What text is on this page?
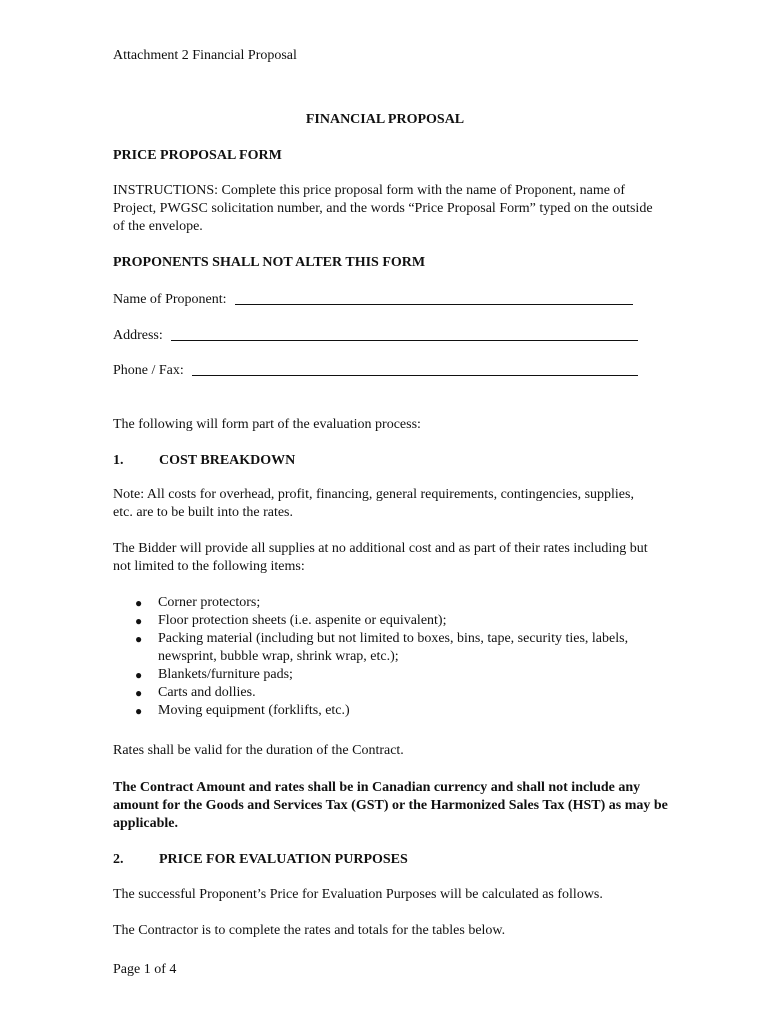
Attachment 2 Financial Proposal
FINANCIAL PROPOSAL
PRICE PROPOSAL FORM
INSTRUCTIONS: Complete this price proposal form with the name of Proponent, name of Project, PWGSC solicitation number, and the words “Price Proposal Form” typed on the outside of the envelope.
PROPONENTS SHALL NOT ALTER THIS FORM
Name of Proponent:
Address:
Phone / Fax:
The following will form part of the evaluation process:
1.	COST BREAKDOWN
Note: All costs for overhead, profit, financing, general requirements, contingencies, supplies, etc. are to be built into the rates.
The Bidder will provide all supplies at no additional cost and as part of their rates including but not limited to the following items:
● Corner protectors;
● Floor protection sheets (i.e. aspenite or equivalent);
● Packing material (including but not limited to boxes, bins, tape, security ties, labels, newsprint, bubble wrap, shrink wrap, etc.);
● Blankets/furniture pads;
● Carts and dollies.
● Moving equipment (forklifts, etc.)
Rates shall be valid for the duration of the Contract.
The Contract Amount and rates shall be in Canadian currency and shall not include any amount for the Goods and Services Tax (GST) or the Harmonized Sales Tax (HST) as may be applicable.
2.	PRICE FOR EVALUATION PURPOSES
The successful Proponent’s Price for Evaluation Purposes will be calculated as follows.
The Contractor is to complete the rates and totals for the tables below.
Page 1 of 4
